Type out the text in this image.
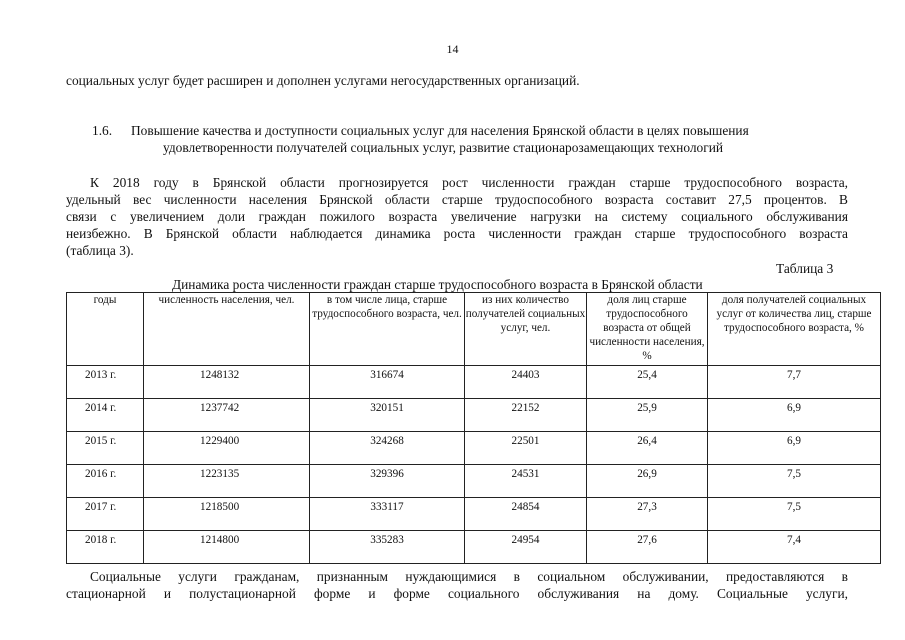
14
социальных услуг будет расширен и дополнен услугами негосударственных организаций.
1.6. Повышение качества и доступности социальных услуг для населения Брянской области в целях повышения
удовлетворенности получателей социальных услуг, развитие стационарозамещающих технологий
К 2018 году в Брянской области прогнозируется рост численности граждан старше трудоспособного возраста,
удельный вес численности населения Брянской области старше трудоспособного возраста составит 27,5 процентов. В
связи с увеличением доли граждан пожилого возраста увеличение нагрузки на систему социального обслуживания
неизбежно. В Брянской области наблюдается динамика роста численности граждан старше трудоспособного возраста
(таблица 3).
Таблица 3
Динамика роста численности граждан старше трудоспособного возраста в Брянской области
годы	численность населения, чел.	в том числе лица, старше трудоспособного возраста, чел.	из них количество получателей социальных услуг, чел.	доля лиц старше трудоспособного возраста от общей численности населения, %	доля получателей социальных услуг от количества лиц, старше трудоспособного возраста, %
2013 г.	1248132	316674	24403	25,4	7,7
2014 г.	1237742	320151	22152	25,9	6,9
2015 г.	1229400	324268	22501	26,4	6,9
2016 г.	1223135	329396	24531	26,9	7,5
2017 г.	1218500	333117	24854	27,3	7,5
2018 г.	1214800	335283	24954	27,6	7,4
Социальные услуги гражданам, признанным нуждающимися в социальном обслуживании, предоставляются в
стационарной и полустационарной форме и форме социального обслуживания на дому. Социальные услуги,
